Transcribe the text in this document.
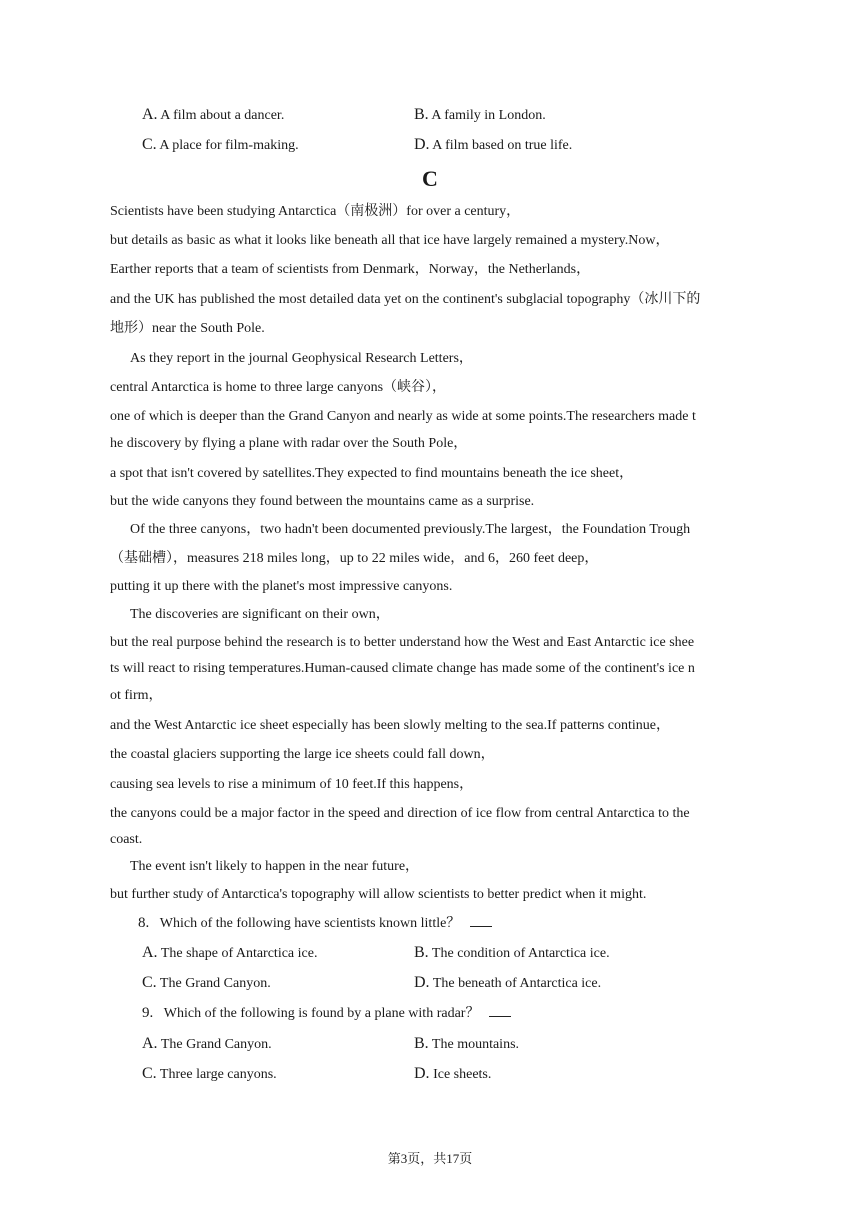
A. A film about a dancer.	B. A family in London.
C. A place for film-making.	D. A film based on true life.
C
Scientists have been studying Antarctica（南极洲）for over a century，
but details as basic as what it looks like beneath all that ice have largely remained a mystery.Now，
Earther reports that a team of scientists from Denmark，Norway，the Netherlands，
and the UK has published the most detailed data yet on the continent's subglacial topography（冰川下的
地形）near the South Pole.
As they report in the journal Geophysical Research Letters，
central Antarctica is home to three large canyons（峡谷），
one of which is deeper than the Grand Canyon and nearly as wide at some points.The researchers made t
he discovery by flying a plane with radar over the South Pole，
a spot that isn't covered by satellites.They expected to find mountains beneath the ice sheet，
but the wide canyons they found between the mountains came as a surprise.
Of the three canyons，two hadn't been documented previously.The largest，the Foundation Trough
（基础槽），measures 218 miles long，up to 22 miles wide，and 6，260 feet deep，
putting it up there with the planet's most impressive canyons.
The discoveries are significant on their own，
but the real purpose behind the research is to better understand how the West and East Antarctic ice shee
ts will react to rising temperatures.Human-caused climate change has made some of the continent's ice n
ot firm，
and the West Antarctic ice sheet especially has been slowly melting to the sea.If patterns continue，
the coastal glaciers supporting the large ice sheets could fall down，
causing sea levels to rise a minimum of 10 feet.If this happens，
the canyons could be a major factor in the speed and direction of ice flow from central Antarctica to the
coast.
The event isn't likely to happen in the near future，
but further study of Antarctica's topography will allow scientists to better predict when it might.
8. Which of the following have scientists known little？
A. The shape of Antarctica ice.	B. The condition of Antarctica ice.
C. The Grand Canyon.	D. The beneath of Antarctica ice.
9. Which of the following is found by a plane with radar？
A. The Grand Canyon.	B. The mountains.
C. Three large canyons.	D. Ice sheets.
第3页，共17页
